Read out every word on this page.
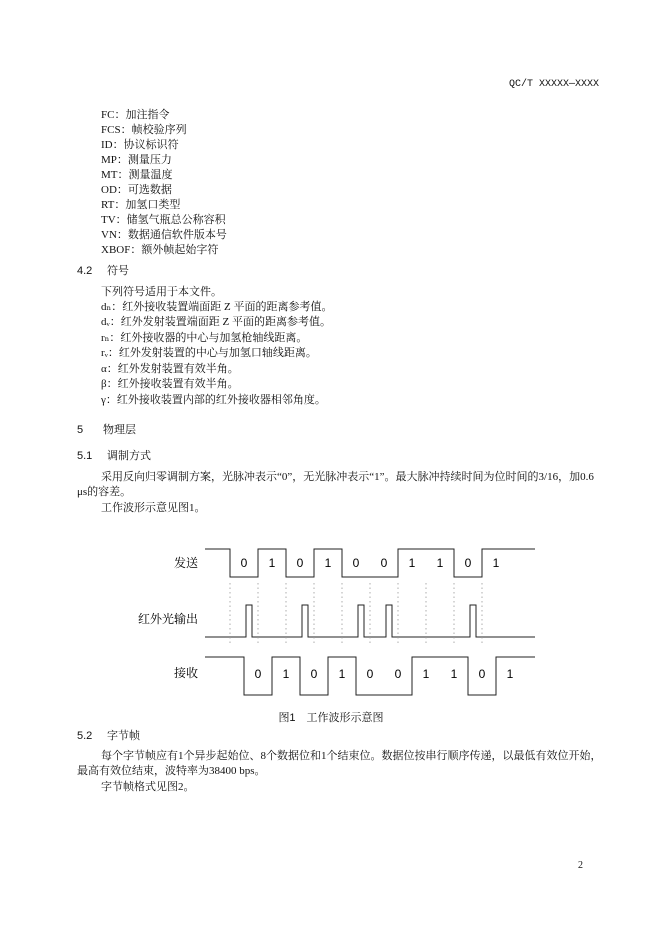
QC/T XXXXX—XXXX
FC：加注指令
FCS：帧校验序列
ID：协议标识符
MP：测量压力
MT：测量温度
OD：可选数据
RT：加氢口类型
TV：储氢气瓶总公称容积
VN：数据通信软件版本号
XBOF：额外帧起始字符
4.2 符号
下列符号适用于本文件。
dₙ：红外接收装置端面距 Z 平面的距离参考值。
dᵥ：红外发射装置端面距 Z 平面的距离参考值。
rₙ：红外接收器的中心与加氢枪轴线距离。
rᵥ：红外发射装置的中心与加氢口轴线距离。
α：红外发射装置有效半角。
β：红外接收装置有效半角。
γ：红外接收装置内部的红外接收器相邻角度。
5 物理层
5.1 调制方式
采用反向归零调制方案，光脉冲表示“0”，无光脉冲表示“1”。最大脉冲持续时间为位时间的3/16，加0.6 μs的容差。
工作波形示意见图1。
发送
红外光输出
接收
0
0
1
1
0
0
1
1
0
0
0
0
1
1
1
1
0
0
1
1
图1　工作波形示意图
5.2 字节帧
每个字节帧应有1个异步起始位、8个数据位和1个结束位。数据位按串行顺序传递，以最低有效位开始，最高有效位结束，波特率为38400 bps。
字节帧格式见图2。
2
